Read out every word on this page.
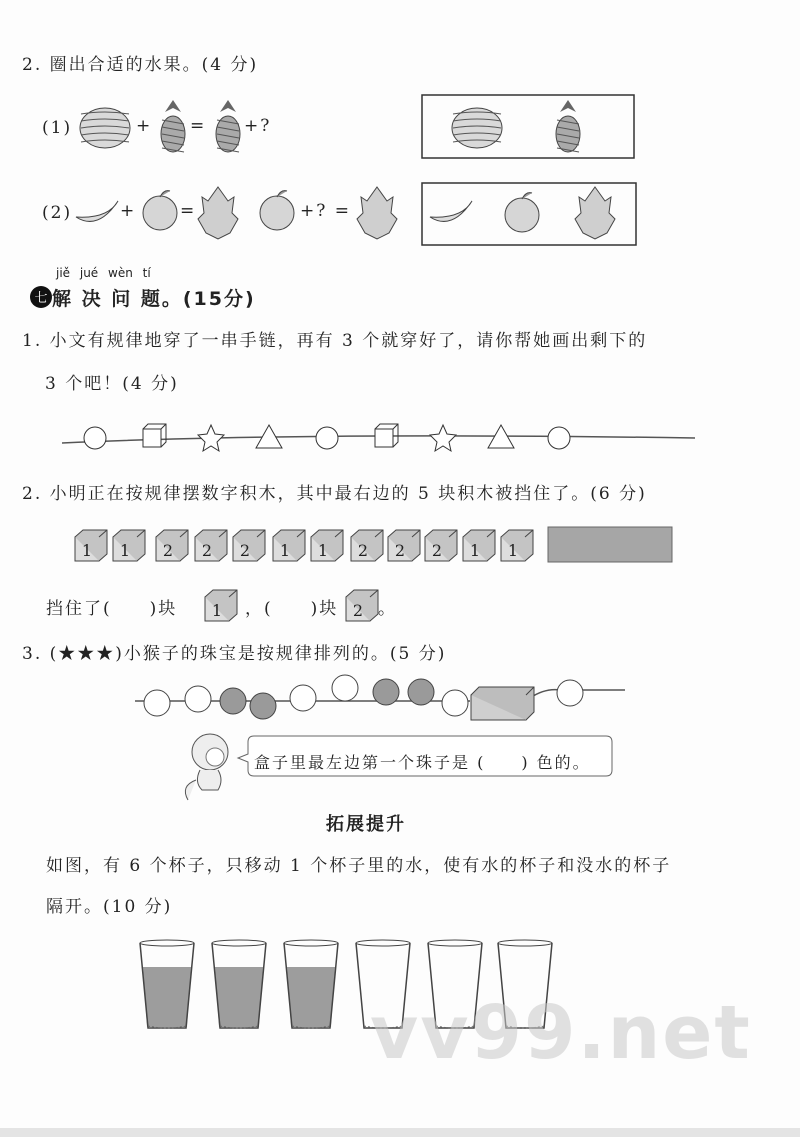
七
1 1 2 2 2 1 1 2 2 2 1 1
1	2
2. 圈出合适的水果。(4 分)
(1)	+ = +?
(2)	+	=	+? =
jiě jué wèn tí
解 决 问 题。(15分)
1. 小文有规律地穿了一串手链，再有 3 个就穿好了，请你帮她画出剩下的
3 个吧！(4 分)
2. 小明正在按规律摆数字积木，其中最右边的 5 块积木被挡住了。(6 分)
挡住了(　　)块	，(　　)块 。
3. (★★★)小猴子的珠宝是按规律排列的。(5 分)
盒子里最左边第一个珠子是 (　　) 色的。
拓展提升
如图，有 6 个杯子，只移动 1 个杯子里的水，使有水的杯子和没水的杯子
隔开。(10 分)
vv99.net
